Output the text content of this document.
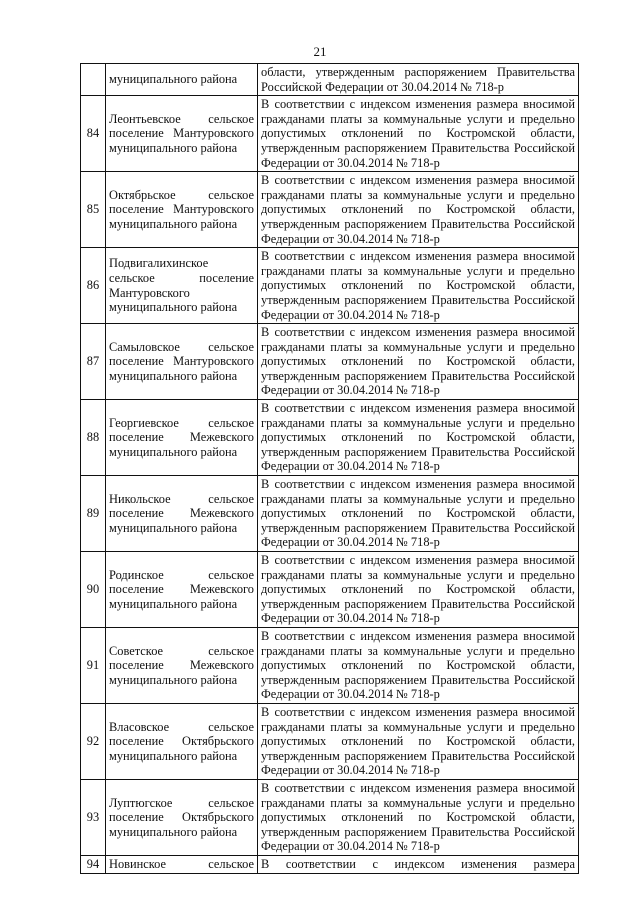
21
	муниципального района	области, утвержденным распоряжением Правительства Российской Федерации от 30.04.2014 № 718-р
84	Леонтьевское сельское поселение Мантуровского муниципального района	В соответствии с индексом изменения размера вносимой гражданами платы за коммунальные услуги и предельно допустимых отклонений по Костромской области, утвержденным распоряжением Правительства Российской Федерации от 30.04.2014 № 718-р
85	Октябрьское сельское поселение Мантуровского муниципального района	В соответствии с индексом изменения размера вносимой гражданами платы за коммунальные услуги и предельно допустимых отклонений по Костромской области, утвержденным распоряжением Правительства Российской Федерации от 30.04.2014 № 718-р
86	Подвигалихинское сельское поселение Мантуровского муниципального района	В соответствии с индексом изменения размера вносимой гражданами платы за коммунальные услуги и предельно допустимых отклонений по Костромской области, утвержденным распоряжением Правительства Российской Федерации от 30.04.2014 № 718-р
87	Самыловское сельское поселение Мантуровского муниципального района	В соответствии с индексом изменения размера вносимой гражданами платы за коммунальные услуги и предельно допустимых отклонений по Костромской области, утвержденным распоряжением Правительства Российской Федерации от 30.04.2014 № 718-р
88	Георгиевское сельское поселение Межевского муниципального района	В соответствии с индексом изменения размера вносимой гражданами платы за коммунальные услуги и предельно допустимых отклонений по Костромской области, утвержденным распоряжением Правительства Российской Федерации от 30.04.2014 № 718-р
89	Никольское сельское поселение Межевского муниципального района	В соответствии с индексом изменения размера вносимой гражданами платы за коммунальные услуги и предельно допустимых отклонений по Костромской области, утвержденным распоряжением Правительства Российской Федерации от 30.04.2014 № 718-р
90	Родинское сельское поселение Межевского муниципального района	В соответствии с индексом изменения размера вносимой гражданами платы за коммунальные услуги и предельно допустимых отклонений по Костромской области, утвержденным распоряжением Правительства Российской Федерации от 30.04.2014 № 718-р
91	Советское сельское поселение Межевского муниципального района	В соответствии с индексом изменения размера вносимой гражданами платы за коммунальные услуги и предельно допустимых отклонений по Костромской области, утвержденным распоряжением Правительства Российской Федерации от 30.04.2014 № 718-р
92	Власовское сельское поселение Октябрьского муниципального района	В соответствии с индексом изменения размера вносимой гражданами платы за коммунальные услуги и предельно допустимых отклонений по Костромской области, утвержденным распоряжением Правительства Российской Федерации от 30.04.2014 № 718-р
93	Луптюгское сельское поселение Октябрьского муниципального района	В соответствии с индексом изменения размера вносимой гражданами платы за коммунальные услуги и предельно допустимых отклонений по Костромской области, утвержденным распоряжением Правительства Российской Федерации от 30.04.2014 № 718-р
94	Новинское сельское	В соответствии с индексом изменения размера
